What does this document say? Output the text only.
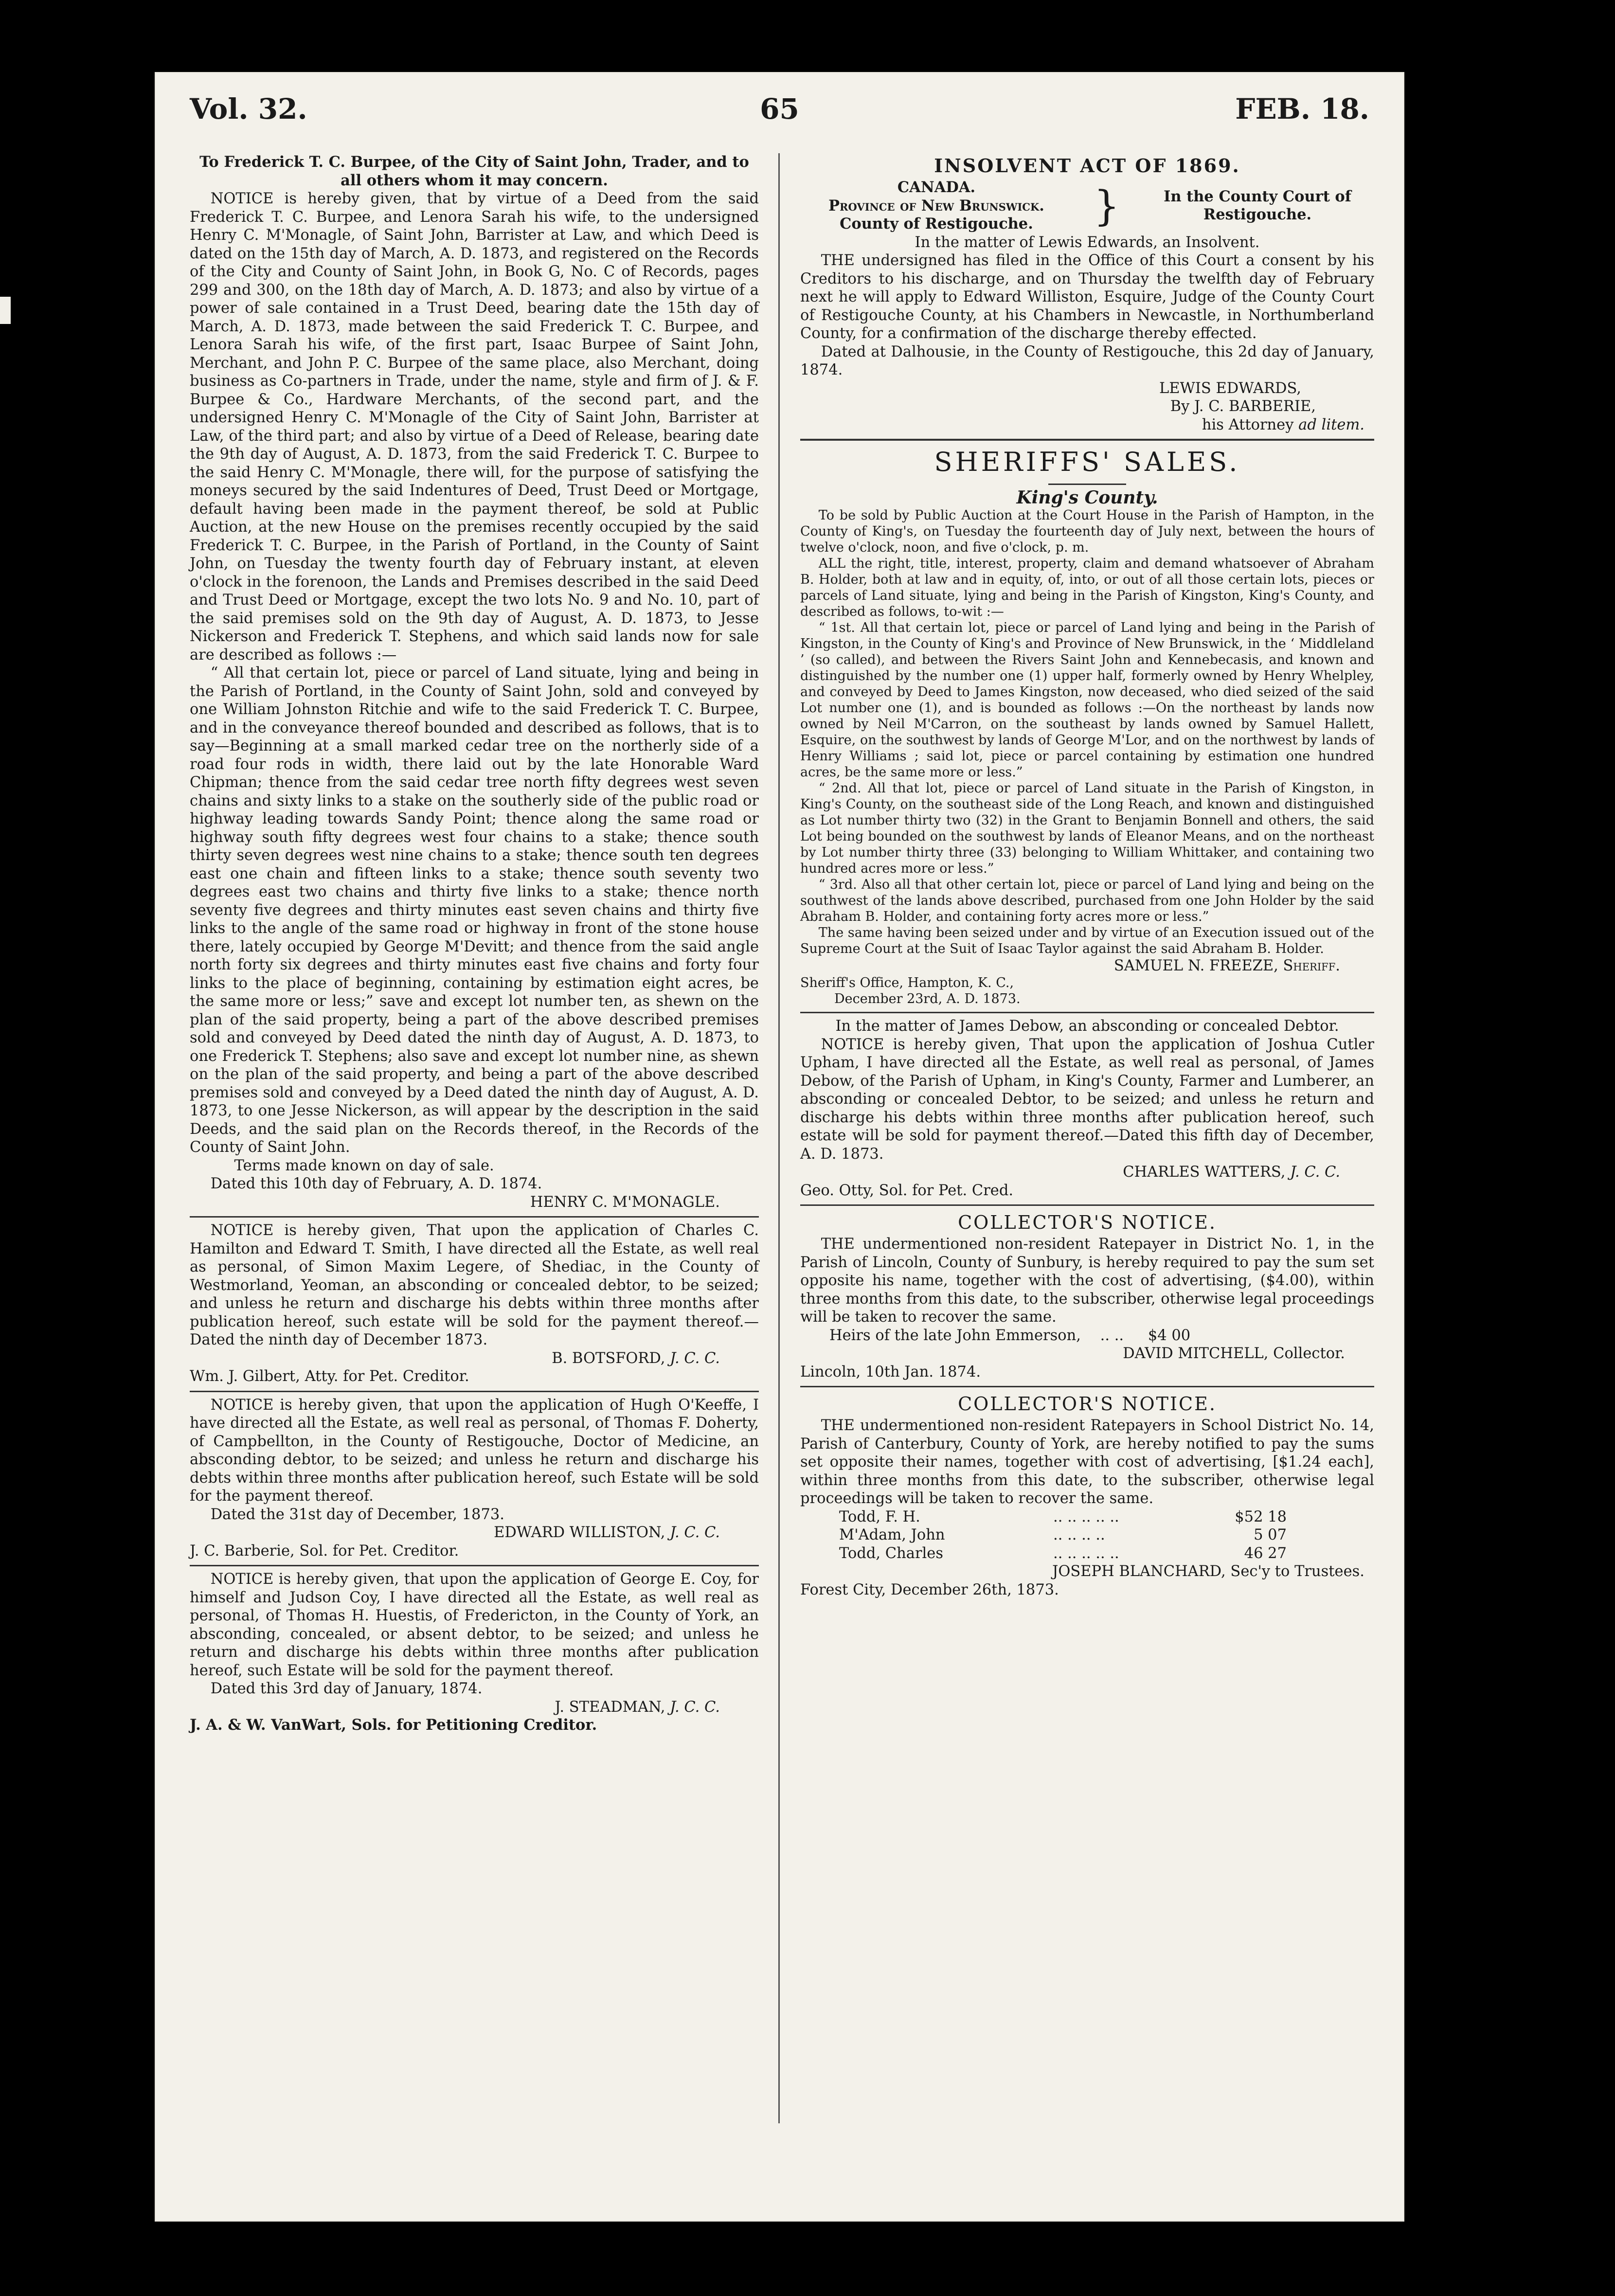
Vol. 32.	65	FEB. 18.

To Frederick T. C. Burpee, of the City of Saint John, Trader, and to all others whom it may concern.

NOTICE is hereby given, that by virtue of a Deed from the said Frederick T. C. Burpee, and Lenora Sarah his wife, to the undersigned Henry C. M'Monagle, of Saint John, Barrister at Law, and which Deed is dated on the 15th day of March, A. D. 1873, and registered on the Records of the City and County of Saint John, in Book G, No. C of Records, pages 299 and 300, on the 18th day of March, A. D. 1873; and also by virtue of a power of sale contained in a Trust Deed, bearing date the 15th day of March, A. D. 1873, made between the said Frederick T. C. Burpee, and Lenora Sarah his wife, of the first part, Isaac Burpee of Saint John, Merchant, and John P. C. Burpee of the same place, also Merchant, doing business as Co-partners in Trade, under the name, style and firm of J. & F. Burpee & Co., Hardware Merchants, of the second part, and the undersigned Henry C. M'Monagle of the City of Saint John, Barrister at Law, of the third part; and also by virtue of a Deed of Release, bearing date the 9th day of August, A. D. 1873, from the said Frederick T. C. Burpee to the said Henry C. M'Monagle, there will, for the purpose of satisfying the moneys secured by the said Indentures of Deed, Trust Deed or Mortgage, default having been made in the payment thereof, be sold at Public Auction, at the new House on the premises recently occupied by the said Frederick T. C. Burpee, in the Parish of Portland, in the County of Saint John, on Tuesday the twenty fourth day of February instant, at eleven o'clock in the forenoon, the Lands and Premises described in the said Deed and Trust Deed or Mortgage, except the two lots No. 9 and No. 10, part of the said premises sold on the 9th day of August, A. D. 1873, to Jesse Nickerson and Frederick T. Stephens, and which said lands now for sale are described as follows :—

“ All that certain lot, piece or parcel of Land situate, lying and being in the Parish of Portland, in the County of Saint John, sold and conveyed by one William Johnston Ritchie and wife to the said Frederick T. C. Burpee, and in the conveyance thereof bounded and described as follows, that is to say—Beginning at a small marked cedar tree on the northerly side of a road four rods in width, there laid out by the late Honorable Ward Chipman; thence from the said cedar tree north fifty degrees west seven chains and sixty links to a stake on the southerly side of the public road or highway leading towards Sandy Point; thence along the same road or highway south fifty degrees west four chains to a stake; thence south thirty seven degrees west nine chains to a stake; thence south ten degrees east one chain and fifteen links to a stake; thence south seventy two degrees east two chains and thirty five links to a stake; thence north seventy five degrees and thirty minutes east seven chains and thirty five links to the angle of the same road or highway in front of the stone house there, lately occupied by George M'Devitt; and thence from the said angle north forty six degrees and thirty minutes east five chains and forty four links to the place of beginning, containing by estimation eight acres, be the same more or less;” save and except lot number ten, as shewn on the plan of the said property, being a part of the above described premises sold and conveyed by Deed dated the ninth day of August, A. D. 1873, to one Frederick T. Stephens; also save and except lot number nine, as shewn on the plan of the said property, and being a part of the above described premises sold and conveyed by a Deed dated the ninth day of August, A. D. 1873, to one Jesse Nickerson, as will appear by the description in the said Deeds, and the said plan on the Records thereof, in the Records of the County of Saint John.

Terms made known on day of sale.

Dated this 10th day of February, A. D. 1874.

HENRY C. M'MONAGLE.

NOTICE is hereby given, That upon the application of Charles C. Hamilton and Edward T. Smith, I have directed all the Estate, as well real as personal, of Simon Maxim Legere, of Shediac, in the County of Westmorland, Yeoman, an absconding or concealed debtor, to be seized; and unless he return and discharge his debts within three months after publication hereof, such estate will be sold for the payment thereof.—Dated the ninth day of December 1873.

B. BOTSFORD, J. C. C.

Wm. J. Gilbert, Atty. for Pet. Creditor.

NOTICE is hereby given, that upon the application of Hugh O'Keeffe, I have directed all the Estate, as well real as personal, of Thomas F. Doherty, of Campbellton, in the County of Restigouche, Doctor of Medicine, an absconding debtor, to be seized; and unless he return and discharge his debts within three months after publication hereof, such Estate will be sold for the payment thereof.

Dated the 31st day of December, 1873.

EDWARD WILLISTON, J. C. C.

J. C. Barberie, Sol. for Pet. Creditor.

NOTICE is hereby given, that upon the application of George E. Coy, for himself and Judson Coy, I have directed all the Estate, as well real as personal, of Thomas H. Huestis, of Fredericton, in the County of York, an absconding, concealed, or absent debtor, to be seized; and unless he return and discharge his debts within three months after publication hereof, such Estate will be sold for the payment thereof.

Dated this 3rd day of January, 1874.

J. STEADMAN, J. C. C.

J. A. & W. VanWart, Sols. for Petitioning Creditor.

INSOLVENT ACT OF 1869.

CANADA.

Province of New Brunswick.

County of Restigouche.	}	In the County Court of

Restigouche.

In the matter of Lewis Edwards, an Insolvent.

THE undersigned has filed in the Office of this Court a consent by his Creditors to his discharge, and on Thursday the twelfth day of February next he will apply to Edward Williston, Esquire, Judge of the County Court of Restigouche County, at his Chambers in Newcastle, in Northumberland County, for a confirmation of the discharge thereby effected.

Dated at Dalhousie, in the County of Restigouche, this 2d day of January, 1874.

LEWIS EDWARDS,

By J. C. BARBERIE,

his Attorney ad litem.

SHERIFFS' SALES.

King's County.

To be sold by Public Auction at the Court House in the Parish of Hampton, in the County of King's, on Tuesday the fourteenth day of July next, between the hours of twelve o'clock, noon, and five o'clock, p. m.

ALL the right, title, interest, property, claim and demand whatsoever of Abraham B. Holder, both at law and in equity, of, into, or out of all those certain lots, pieces or parcels of Land situate, lying and being in the Parish of Kingston, King's County, and described as follows, to-wit :—

“ 1st. All that certain lot, piece or parcel of Land lying and being in the Parish of Kingston, in the County of King's and Province of New Brunswick, in the ‘ Middleland ’ (so called), and between the Rivers Saint John and Kennebecasis, and known and distinguished by the number one (1) upper half, formerly owned by Henry Whelpley, and conveyed by Deed to James Kingston, now deceased, who died seized of the said Lot number one (1), and is bounded as follows :—On the northeast by lands now owned by Neil M'Carron, on the southeast by lands owned by Samuel Hallett, Esquire, on the southwest by lands of George M'Lor, and on the northwest by lands of Henry Williams ; said lot, piece or parcel containing by estimation one hundred acres, be the same more or less.”

“ 2nd. All that lot, piece or parcel of Land situate in the Parish of Kingston, in King's County, on the southeast side of the Long Reach, and known and distinguished as Lot number thirty two (32) in the Grant to Benjamin Bonnell and others, the said Lot being bounded on the southwest by lands of Eleanor Means, and on the northeast by Lot number thirty three (33) belonging to William Whittaker, and containing two hundred acres more or less.”

“ 3rd. Also all that other certain lot, piece or parcel of Land lying and being on the southwest of the lands above described, purchased from one John Holder by the said Abraham B. Holder, and containing forty acres more or less.”

The same having been seized under and by virtue of an Execution issued out of the Supreme Court at the Suit of Isaac Taylor against the said Abraham B. Holder.

SAMUEL N. FREEZE, Sheriff.

Sheriff's Office, Hampton, K. C.,

December 23rd, A. D. 1873.

In the matter of James Debow, an absconding or concealed Debtor.

NOTICE is hereby given, That upon the application of Joshua Cutler Upham, I have directed all the Estate, as well real as personal, of James Debow, of the Parish of Upham, in King's County, Farmer and Lumberer, an absconding or concealed Debtor, to be seized; and unless he return and discharge his debts within three months after publication hereof, such estate will be sold for payment thereof.—Dated this fifth day of December, A. D. 1873.

CHARLES WATTERS, J. C. C.

Geo. Otty, Sol. for Pet. Cred.

COLLECTOR'S NOTICE.

THE undermentioned non-resident Ratepayer in District No. 1, in the Parish of Lincoln, County of Sunbury, is hereby required to pay the sum set opposite his name, together with the cost of advertising, ($4.00), within three months from this date, to the subscriber, otherwise legal proceedings will be taken to recover the same.

Heirs of the late John Emmerson, .. .. $4 00

DAVID MITCHELL, Collector.

Lincoln, 10th Jan. 1874.

COLLECTOR'S NOTICE.

THE undermentioned non-resident Ratepayers in School District No. 14, Parish of Canterbury, County of York, are hereby notified to pay the sums set opposite their names, together with cost of advertising, [$1.24 each], within three months from this date, to the subscriber, otherwise legal proceedings will be taken to recover the same.

Todd, F. H.	.. .. .. .. ..	$52 18
M'Adam, John	.. .. .. ..	5 07
Todd, Charles	.. .. .. .. ..	46 27

JOSEPH BLANCHARD, Sec'y to Trustees.

Forest City, December 26th, 1873.
